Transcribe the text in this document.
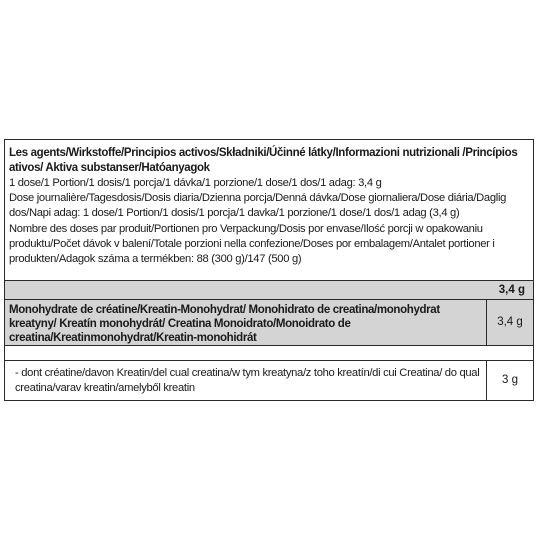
Les agents/Wirkstoffe/Principios activos/Składniki/Účinné látky/Informazioni nutrizionali /Princípios ativos/ Aktiva substanser/Hatóanyagok

1 dose/1 Portion/1 dosis/1 porcja/1 dávka/1 porzione/1 dose/1 dos/1 adag: 3,4 g

Dose journalière/Tagesdosis/Dosis diaria/Dzienna porcja/Denná dávka/Dose giornaliera/Dose diária/Daglig dos/Napi adag: 1 dose/1 Portion/1 dosis/1 porcja/1 davka/1 porzione/1 dose/1 dos/1 adag (3,4 g)

Nombre des doses par produit/Portionen pro Verpackung/Dosis por envase/Ilość porcji w opakowaniu produktu/Počet dávok v balení/Totale porzioni nella confezione/Doses por embalagem/Antalet portioner i produkten/Adagok száma a termékben: 88 (300 g)/147 (500 g)

3,4 g
Monohydrate de créatine/Kreatin-Monohydrat/ Monohidrato de creatina/monohydrat kreatyny/ Kreatín monohydrát/ Creatina Monoidrato/Monoidrato de creatina/Kreatinmonohydrat/Kreatin-monohidrát
3,4 g
- dont créatine/davon Kreatin/del cual creatina/w tym kreatyna/z toho kreatín/di cui Creatina/ do qual creatina/varav kreatin/amelyből kreatin
3 g
